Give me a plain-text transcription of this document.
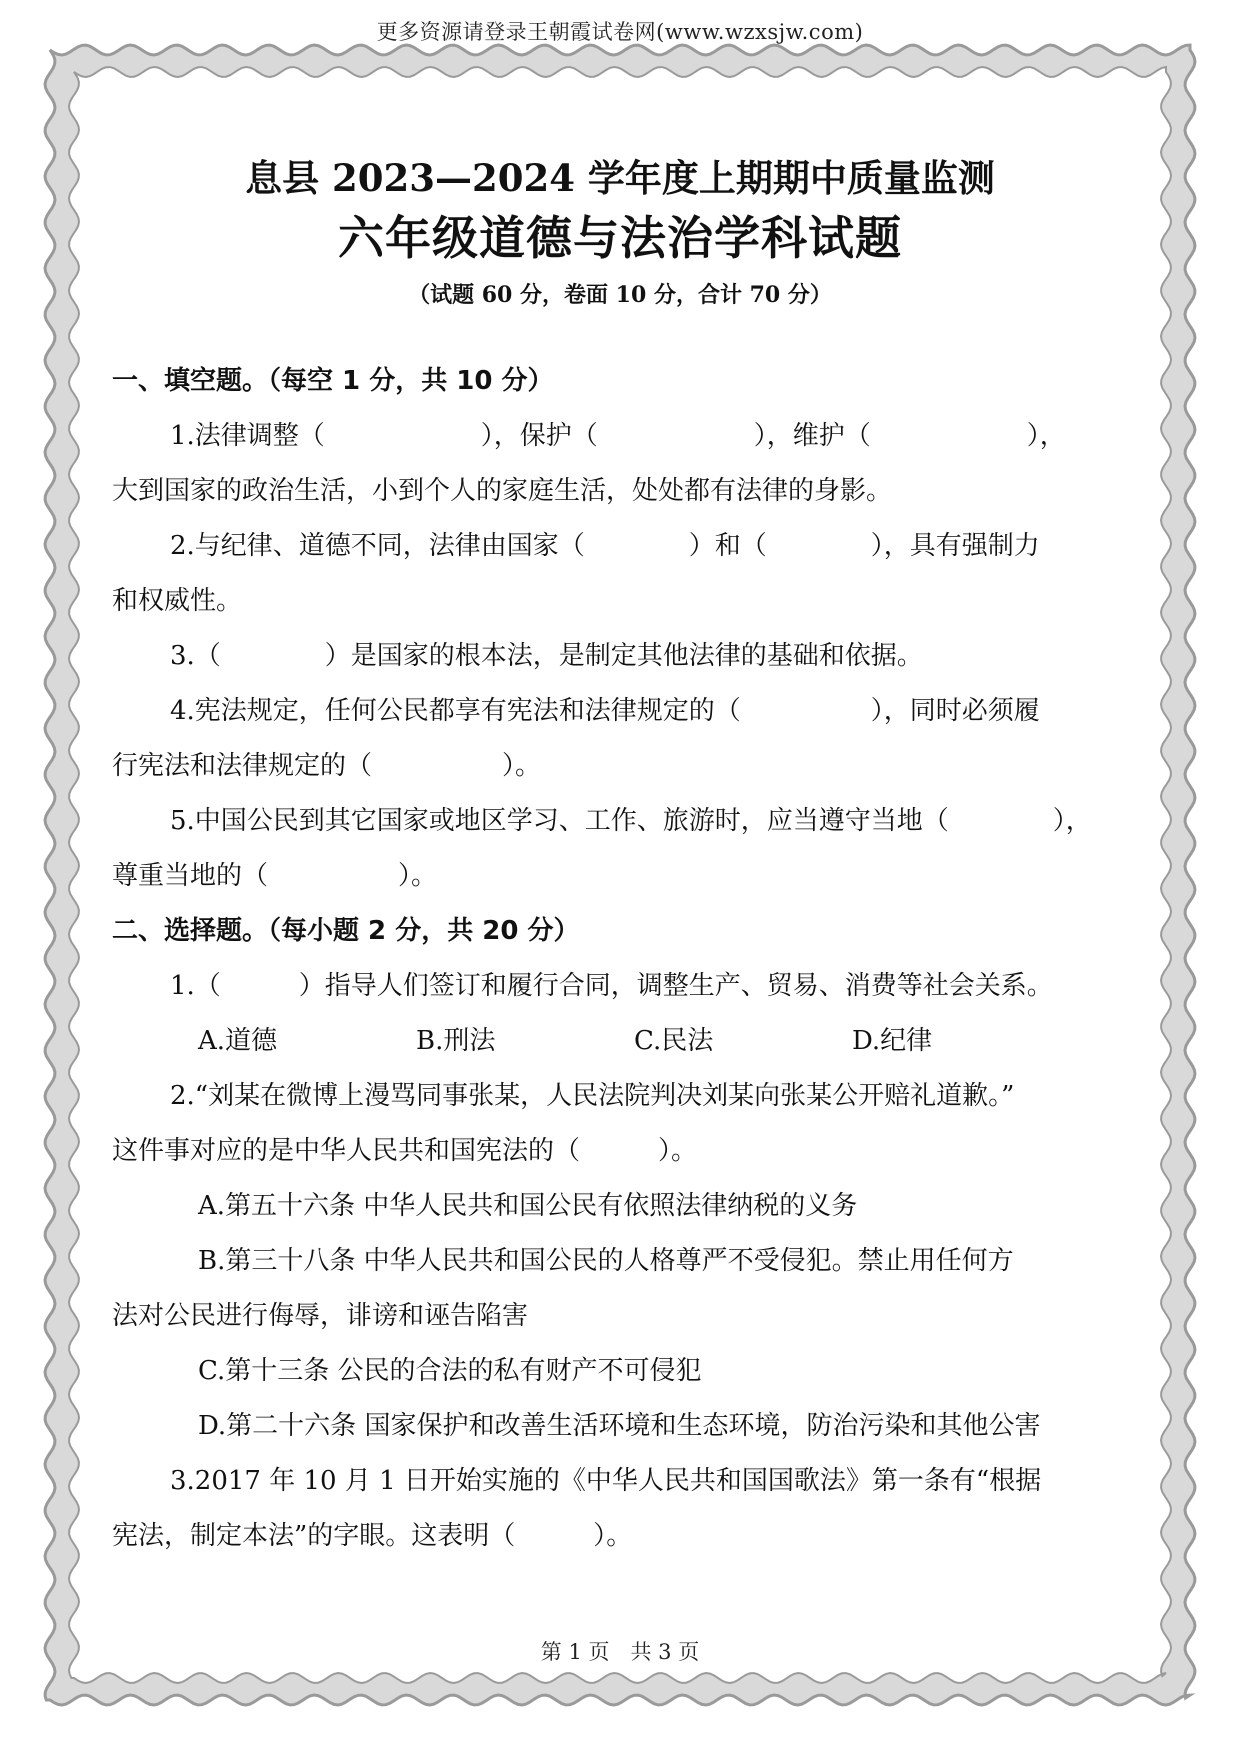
更多资源请登录王朝霞试卷网(www.wzxsjw.com)

息县 2023—2024 学年度上期期中质量监测

六年级道德与法治学科试题

（试题 60 分，卷面 10 分，合计 70 分）

一、填空题。（每空 1 分，共 10 分）

1.法律调整（　　　　　　），保护（　　　　　　），维护（　　　　　　），

大到国家的政治生活，小到个人的家庭生活，处处都有法律的身影。

2.与纪律、道德不同，法律由国家（　　　　）和（　　　　），具有强制力

和权威性。

3.（　　　　）是国家的根本法，是制定其他法律的基础和依据。

4.宪法规定，任何公民都享有宪法和法律规定的（　　　　　），同时必须履

行宪法和法律规定的（　　　　　）。

5.中国公民到其它国家或地区学习、工作、旅游时，应当遵守当地（　　　　），

尊重当地的（　　　　　）。

二、选择题。（每小题 2 分，共 20 分）

1.（　　　）指导人们签订和履行合同，调整生产、贸易、消费等社会关系。

A.道德	B.刑法	C.民法	D.纪律

2.“刘某在微博上漫骂同事张某，人民法院判决刘某向张某公开赔礼道歉。”

这件事对应的是中华人民共和国宪法的（　　　）。

A.第五十六条 中华人民共和国公民有依照法律纳税的义务

B.第三十八条 中华人民共和国公民的人格尊严不受侵犯。禁止用任何方

法对公民进行侮辱，诽谤和诬告陷害

C.第十三条 公民的合法的私有财产不可侵犯

D.第二十六条 国家保护和改善生活环境和生态环境，防治污染和其他公害

3.2017 年 10 月 1 日开始实施的《中华人民共和国国歌法》第一条有“根据

宪法，制定本法”的字眼。这表明（　　　）。

第 1 页　共 3 页
